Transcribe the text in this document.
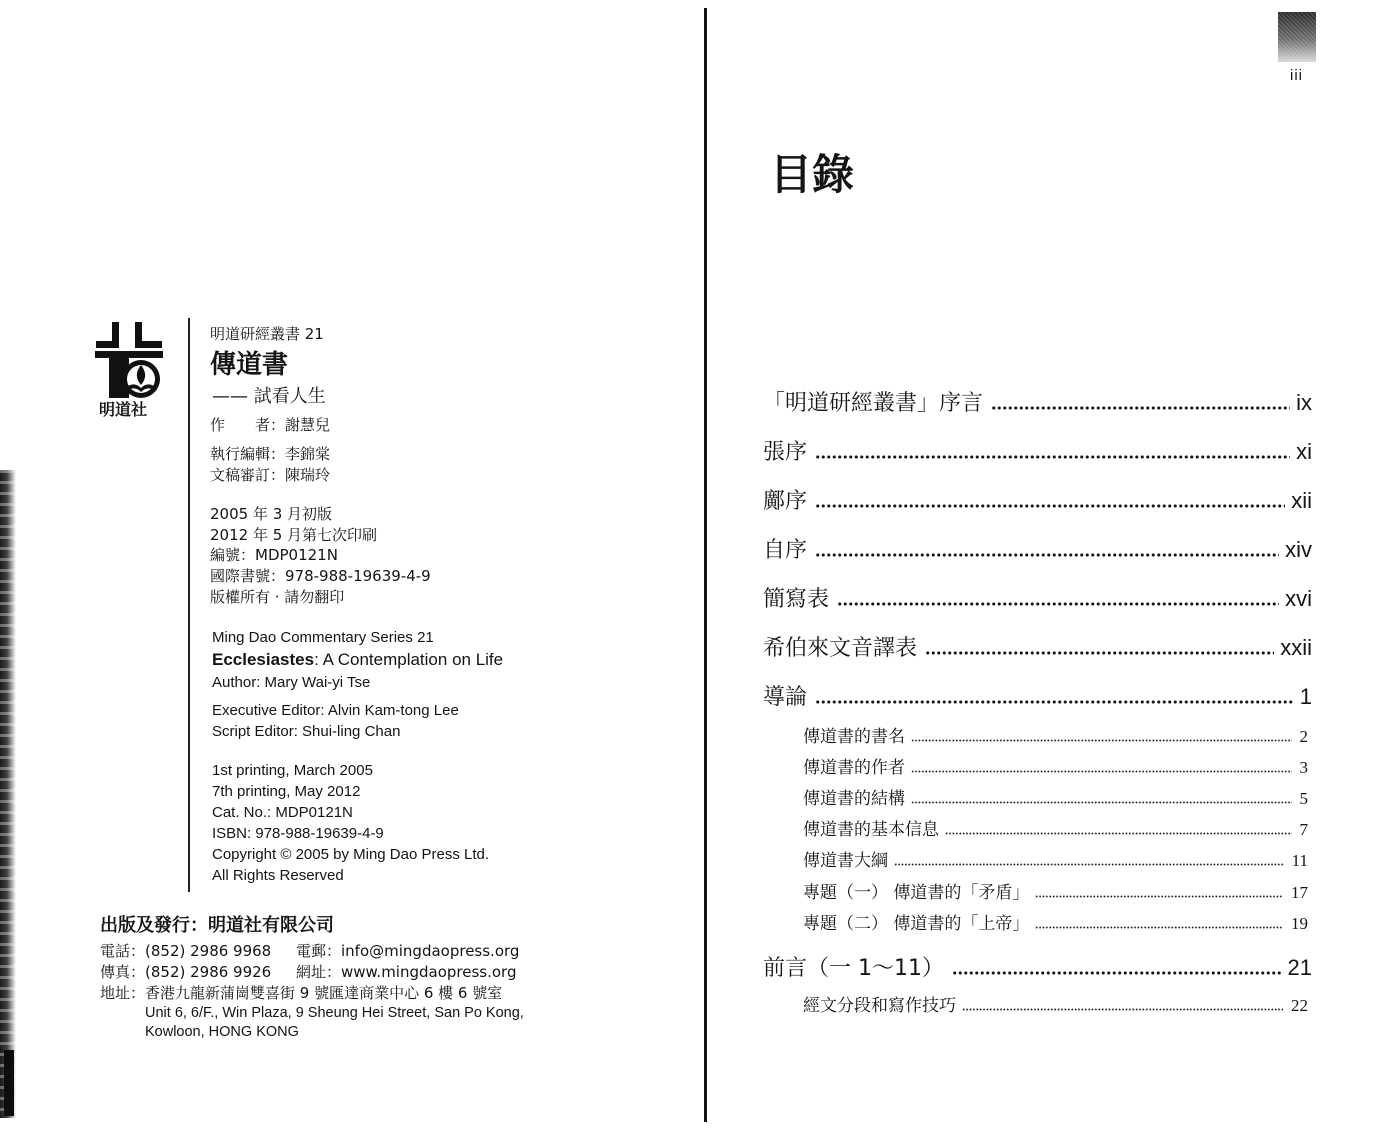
明道社
明道研經叢書 21
傳道書
—— 試看人生
作　　者：謝慧兒
執行編輯：李錦棠
文稿審訂：陳瑞玲
2005 年 3 月初版
2012 年 5 月第七次印刷
編號：MDP0121N
國際書號：978-988-19639-4-9
版權所有 · 請勿翻印
Ming Dao Commentary Series 21
Ecclesiastes: A Contemplation on Life
Author: Mary Wai-yi Tse
Executive Editor: Alvin Kam-tong Lee
Script Editor: Shui-ling Chan
1st printing, March 2005
7th printing, May 2012
Cat. No.: MDP0121N
ISBN: 978-988-19639-4-9
Copyright © 2005 by Ming Dao Press Ltd.
All Rights Reserved
出版及發行：明道社有限公司
電話：(852) 2986 9968 電郵：info@mingdaopress.org
傳真：(852) 2986 9926 網址：www.mingdaopress.org
地址：香港九龍新蒲崗雙喜街 9 號匯達商業中心 6 樓 6 號室
Unit 6, 6/F., Win Plaza, 9 Sheung Hei Street, San Po Kong,
Kowloon, HONG KONG
iii
目錄
「明道研經叢書」序言	ix
張序	xi
鄺序	xii
自序	xiv
簡寫表	xvi
希伯來文音譯表	xxii
導論	1
傳道書的書名	2
傳道書的作者	3
傳道書的結構	5
傳道書的基本信息	7
傳道書大綱	11
專題（一） 傳道書的「矛盾」	17
專題（二） 傳道書的「上帝」	19
前言（一 1～11）	21
經文分段和寫作技巧	22
